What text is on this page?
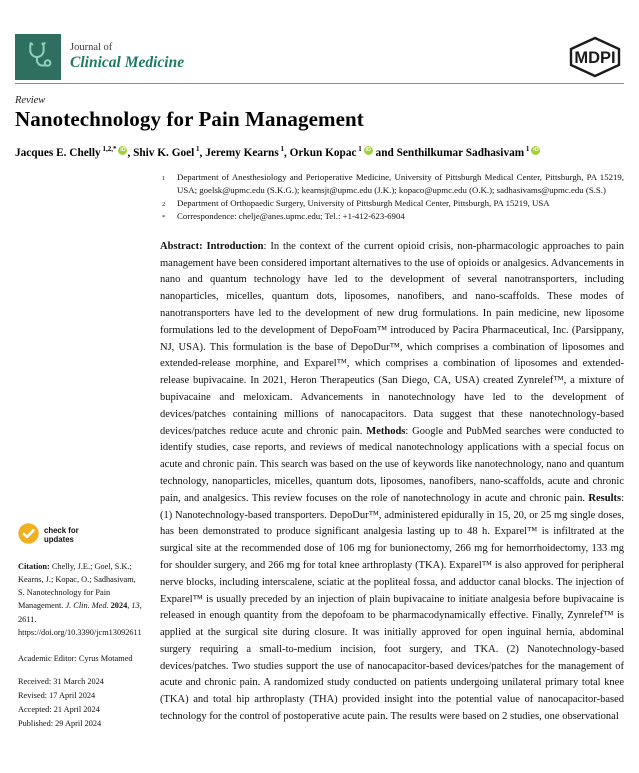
Journal of
Clinical Medicine	MDPI
Review
Nanotechnology for Pain Management
Jacques E. Chelly $^{1,2,*}$ iD , Shiv K. Goel $^1$, Jeremy Kearns $^1$, Orkun Kopac $^1$ iD and Senthilkumar Sadhasivam $^1$ iD
check for
updates
Citation: Chelly, J.E.; Goel, S.K.; Kearns, J.; Kopac, O.; Sadhasivam, S. Nanotechnology for Pain Management. J. Clin. Med. 2024, 13, 2611. https://doi.org/10.3390/jcm13092611
Academic Editor: Cyrus Motamed
Received: 31 March 2024
Revised: 17 April 2024
Accepted: 21 April 2024
Published: 29 April 2024
1	Department of Anesthesiology and Perioperative Medicine, University of Pittsburgh Medical Center, Pittsburgh, PA 15219, USA; goelsk@upmc.edu (S.K.G.); kearnsjt@upmc.edu (J.K.); kopaco@upmc.edu (O.K.); sadhasivams@upmc.edu (S.S.)
2	Department of Orthopaedic Surgery, University of Pittsburgh Medical Center, Pittsburgh, PA 15219, USA
*	Correspondence: chelje@anes.upmc.edu; Tel.: +1-412-623-6904
Abstract: Introduction: In the context of the current opioid crisis, non-pharmacologic approaches to pain management have been considered important alternatives to the use of opioids or analgesics. Advancements in nano and quantum technology have led to the development of several nanotransporters, including nanoparticles, micelles, quantum dots, liposomes, nanofibers, and nano-scaffolds. These modes of nanotransporters have led to the development of new drug formulations. In pain medicine, new liposome formulations led to the development of DepoFoam™ introduced by Pacira Pharmaceutical, Inc. (Parsippany, NJ, USA). This formulation is the base of DepoDur™, which comprises a combination of liposomes and extended-release morphine, and Exparel™, which comprises a combination of liposomes and extended-release bupivacaine. In 2021, Heron Therapeutics (San Diego, CA, USA) created Zynrelef™, a mixture of bupivacaine and meloxicam. Advancements in nanotechnology have led to the development of devices/patches containing millions of nanocapacitors. Data suggest that these nanotechnology-based devices/patches reduce acute and chronic pain. Methods: Google and PubMed searches were conducted to identify studies, case reports, and reviews of medical nanotechnology applications with a special focus on acute and chronic pain. This search was based on the use of keywords like nanotechnology, nano and quantum technology, nanoparticles, micelles, quantum dots, liposomes, nanofibers, nano-scaffolds, acute and chronic pain, and analgesics. This review focuses on the role of nanotechnology in acute and chronic pain. Results: (1) Nanotechnology-based transporters. DepoDur™, administered epidurally in 15, 20, or 25 mg single doses, has been demonstrated to produce significant analgesia lasting up to 48 h. Exparel™ is infiltrated at the surgical site at the recommended dose of 106 mg for bunionectomy, 266 mg for hemorrhoidectomy, 133 mg for shoulder surgery, and 266 mg for total knee arthroplasty (TKA). Exparel™ is also approved for peripheral nerve blocks, including interscalene, sciatic at the popliteal fossa, and adductor canal blocks. The injection of Exparel™ is usually preceded by an injection of plain bupivacaine to initiate analgesia before bupivacaine is released in enough quantity from the depofoam to be pharmacodynamically effective. Finally, Zynrelef™ is applied at the surgical site during closure. It was initially approved for open inguinal hernia, abdominal surgery requiring a small-to-medium incision, foot surgery, and TKA. (2) Nanotechnology-based devices/patches. Two studies support the use of nanocapacitor-based devices/patches for the management of acute and chronic pain. A randomized study conducted on patients undergoing unilateral primary total knee (TKA) and total hip arthroplasty (THA) provided insight into the potential value of nanocapacitor-based technology for the control of postoperative acute pain. The results were based on 2 studies, one observational
